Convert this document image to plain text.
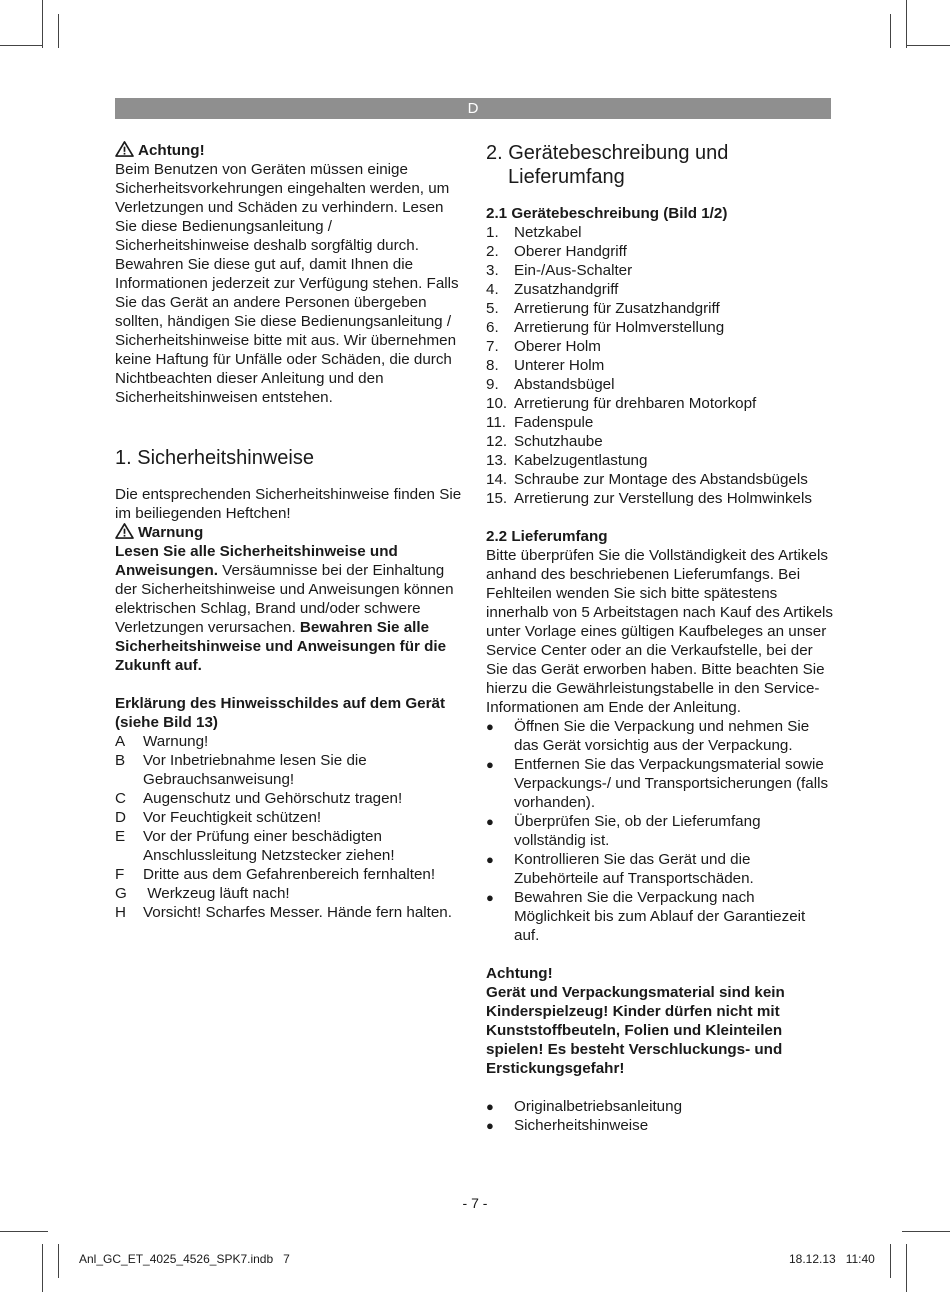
D

Achtung!

Beim Benutzen von Geräten müssen einige Sicherheitsvorkehrungen eingehalten werden, um Verletzungen und Schäden zu verhindern. Lesen Sie diese Bedienungsanleitung / Sicherheitshinweise deshalb sorgfältig durch. Bewahren Sie diese gut auf, damit Ihnen die Informationen jederzeit zur Verfügung stehen. Falls Sie das Gerät an andere Personen übergeben sollten, händigen Sie diese Bedienungsanleitung / Sicherheitshinweise bitte mit aus. Wir übernehmen keine Haftung für Unfälle oder Schäden, die durch Nichtbeachten dieser Anleitung und den Sicherheitshinweisen entstehen.

1. Sicherheitshinweise

Die entsprechenden Sicherheitshinweise finden Sie im beiliegenden Heftchen!

Warnung

Lesen Sie alle Sicherheitshinweise und Anweisungen. Versäumnisse bei der Einhaltung der Sicherheitshinweise und Anweisungen können elektrischen Schlag, Brand und/oder schwere Verletzungen verursachen. Bewahren Sie alle Sicherheitshinweise und Anweisungen für die Zukunft auf.

Erklärung des Hinweisschildes auf dem Gerät (siehe Bild 13)

A	Warnung!
B	Vor Inbetriebnahme lesen Sie die Gebrauchsanweisung!
C	Augenschutz und Gehörschutz tragen!
D	Vor Feuchtigkeit schützen!
E	Vor der Prüfung einer beschädigten Anschlussleitung Netzstecker ziehen!
F	Dritte aus dem Gefahrenbereich fernhalten!
G	Werkzeug läuft nach!
H	Vorsicht! Scharfes Messer. Hände fern halten.
2. Gerätebeschreibung und Lieferumfang

2.1 Gerätebeschreibung (Bild 1/2)

1.	Netzkabel
2.	Oberer Handgriff
3.	Ein-/Aus-Schalter
4.	Zusatzhandgriff
5.	Arretierung für Zusatzhandgriff
6.	Arretierung für Holmverstellung
7.	Oberer Holm
8.	Unterer Holm
9.	Abstandsbügel
10. Arretierung für drehbaren Motorkopf
11. Fadenspule
12. Schutzhaube
13. Kabelzugentlastung
14. Schraube zur Montage des Abstandsbügels
15. Arretierung zur Verstellung des Holmwinkels

2.2 Lieferumfang

Bitte überprüfen Sie die Vollständigkeit des Artikels anhand des beschriebenen Lieferumfangs. Bei Fehlteilen wenden Sie sich bitte spätestens innerhalb von 5 Arbeitstagen nach Kauf des Artikels unter Vorlage eines gültigen Kaufbeleges an unser Service Center oder an die Verkaufstelle, bei der Sie das Gerät erworben haben. Bitte beachten Sie hierzu die Gewährleistungstabelle in den Service-Informationen am Ende der Anleitung.

●	Öffnen Sie die Verpackung und nehmen Sie das Gerät vorsichtig aus der Verpackung.
●	Entfernen Sie das Verpackungsmaterial sowie Verpackungs-/ und Transportsicherungen (falls vorhanden).
●	Überprüfen Sie, ob der Lieferumfang vollständig ist.
●	Kontrollieren Sie das Gerät und die Zubehörteile auf Transportschäden.
●	Bewahren Sie die Verpackung nach Möglichkeit bis zum Ablauf der Garantiezeit auf.

Achtung!

Gerät und Verpackungsmaterial sind kein Kinderspielzeug! Kinder dürfen nicht mit Kunststoffbeuteln, Folien und Kleinteilen spielen! Es besteht Verschluckungs- und Erstickungsgefahr!

●	Originalbetriebsanleitung
●	Sicherheitshinweise
- 7 -
Anl_GC_ET_4025_4526_SPK7.indb   7	18.12.13   11:40
